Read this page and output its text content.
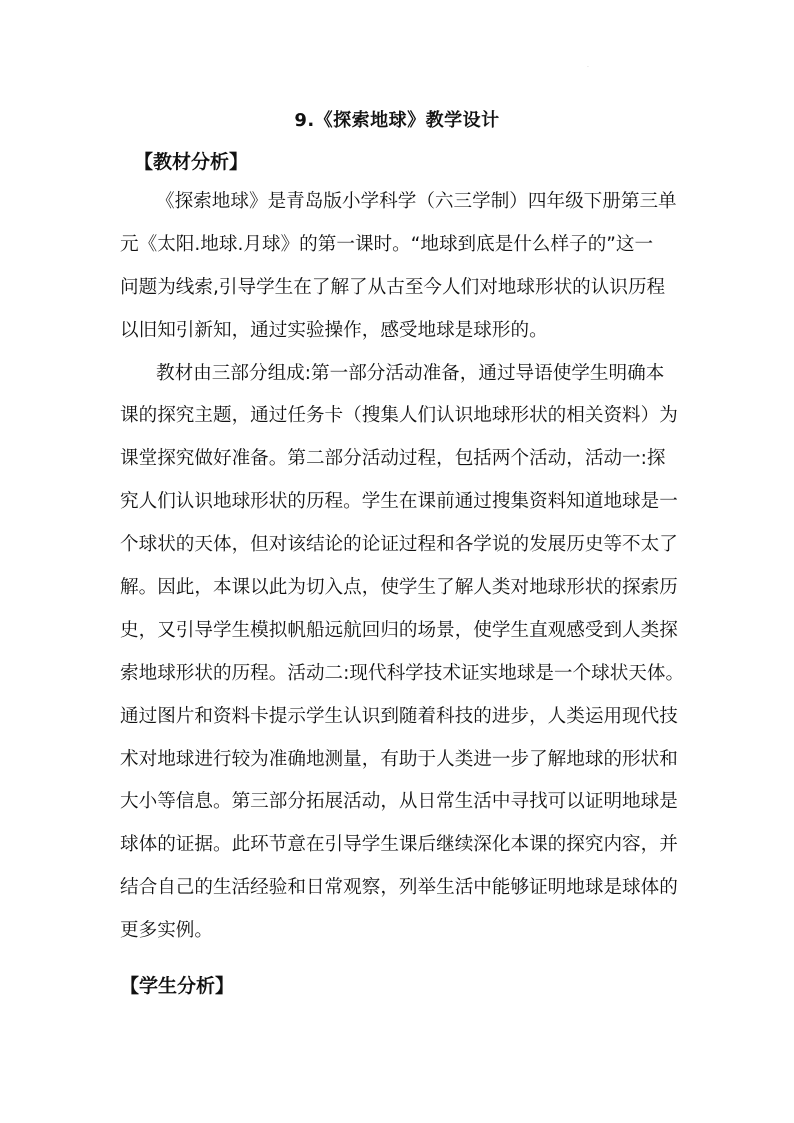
·
9.《探索地球》教学设计
【教材分析】

《探索地球》是青岛版小学科学（六三学制）四年级下册第三单
元《太阳.地球.月球》的第一课时。“地球到底是什么样子的”这一
问题为线索,引导学生在了解了从古至今人们对地球形状的认识历程
以旧知引新知，通过实验操作，感受地球是球形的。

教材由三部分组成:第一部分活动准备，通过导语使学生明确本
课的探究主题，通过任务卡（搜集人们认识地球形状的相关资料）为
课堂探究做好准备。第二部分活动过程，包括两个活动，活动一:探
究人们认识地球形状的历程。学生在课前通过搜集资料知道地球是一
个球状的天体，但对该结论的论证过程和各学说的发展历史等不太了
解。因此，本课以此为切入点，使学生了解人类对地球形状的探索历
史，又引导学生模拟帆船远航回归的场景，使学生直观感受到人类探
索地球形状的历程。活动二:现代科学技术证实地球是一个球状天体。
通过图片和资料卡提示学生认识到随着科技的进步，人类运用现代技
术对地球进行较为准确地测量，有助于人类进一步了解地球的形状和
大小等信息。第三部分拓展活动，从日常生活中寻找可以证明地球是
球体的证据。此环节意在引导学生课后继续深化本课的探究内容，并
结合自己的生活经验和日常观察，列举生活中能够证明地球是球体的
更多实例。

【学生分析】
